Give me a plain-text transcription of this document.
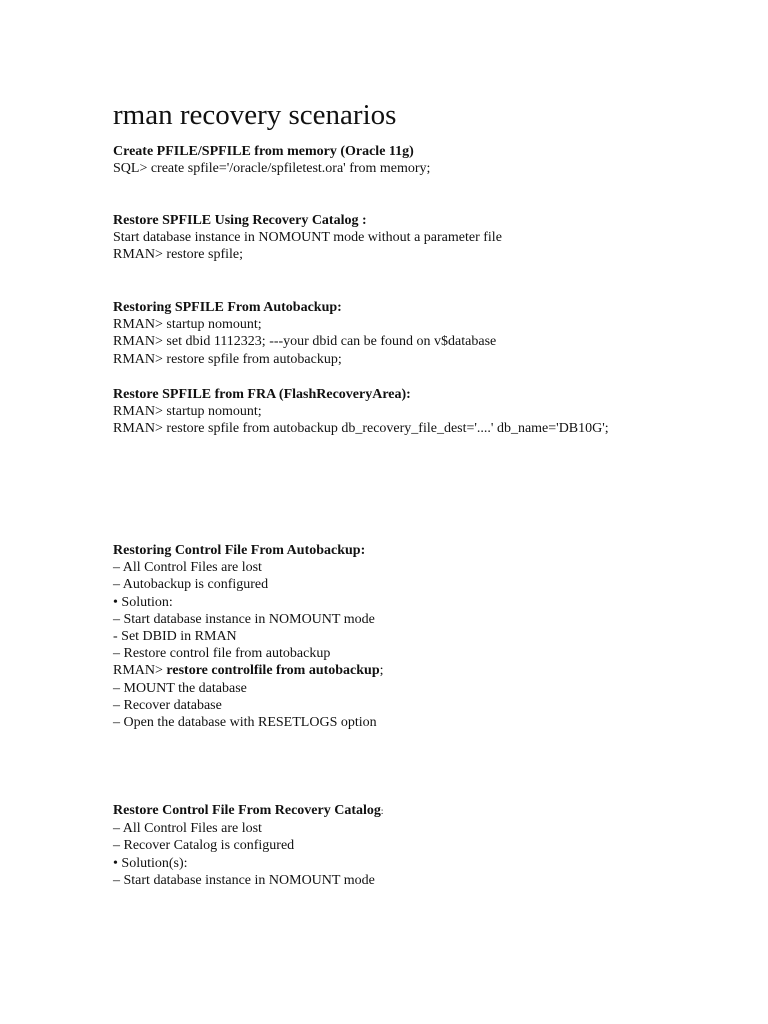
rman recovery scenarios
Create PFILE/SPFILE from memory (Oracle 11g)
SQL> create spfile='/oracle/spfiletest.ora' from memory;
Restore SPFILE Using Recovery Catalog :
Start database instance in NOMOUNT mode without a parameter file
RMAN> restore spfile;
Restoring SPFILE From Autobackup:
RMAN> startup nomount;
RMAN> set dbid 1112323; ---your dbid can be found on v$database
RMAN> restore spfile from autobackup;
Restore SPFILE from FRA (FlashRecoveryArea):
RMAN> startup nomount;
RMAN> restore spfile from autobackup db_recovery_file_dest='....' db_name='DB10G';
Restoring Control File From Autobackup:
– All Control Files are lost
– Autobackup is configured
• Solution:
– Start database instance in NOMOUNT mode
- Set DBID in RMAN
– Restore control file from autobackup
RMAN> restore controlfile from autobackup;
– MOUNT the database
– Recover database
– Open the database with RESETLOGS option
Restore Control File From Recovery Catalog:
– All Control Files are lost
– Recover Catalog is configured
• Solution(s):
– Start database instance in NOMOUNT mode
